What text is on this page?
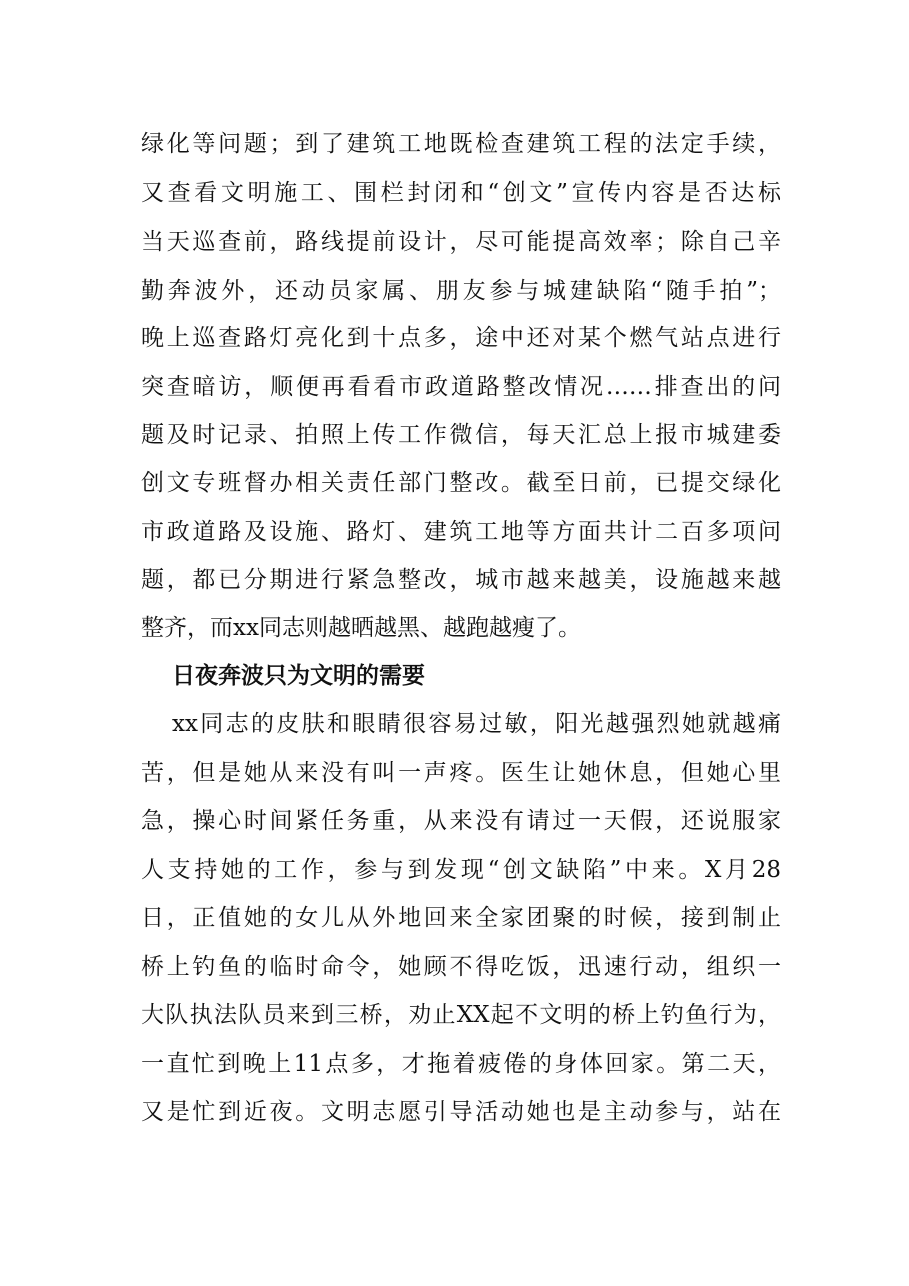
绿化等问题；到了建筑工地既检查建筑工程的法定手续，
又查看文明施工、围栏封闭和“创文”宣传内容是否达标
当天巡查前，路线提前设计，尽可能提高效率；除自己辛
勤奔波外，还动员家属、朋友参与城建缺陷“随手拍”；
晚上巡查路灯亮化到十点多，途中还对某个燃气站点进行
突查暗访，顺便再看看市政道路整改情况……排查出的问
题及时记录、拍照上传工作微信，每天汇总上报市城建委
创文专班督办相关责任部门整改。截至日前，已提交绿化
市政道路及设施、路灯、建筑工地等方面共计二百多项问
题，都已分期进行紧急整改，城市越来越美，设施越来越
整齐，而xx同志则越晒越黑、越跑越瘦了。
日夜奔波只为文明的需要
xx同志的皮肤和眼睛很容易过敏，阳光越强烈她就越痛
苦，但是她从来没有叫一声疼。医生让她休息，但她心里
急，操心时间紧任务重，从来没有请过一天假，还说服家
人支持她的工作，参与到发现“创文缺陷”中来。X月28
日，正值她的女儿从外地回来全家团聚的时候，接到制止
桥上钓鱼的临时命令，她顾不得吃饭，迅速行动，组织一
大队执法队员来到三桥，劝止XX起不文明的桥上钓鱼行为，
一直忙到晚上11点多，才拖着疲倦的身体回家。第二天，
又是忙到近夜。文明志愿引导活动她也是主动参与，站在
